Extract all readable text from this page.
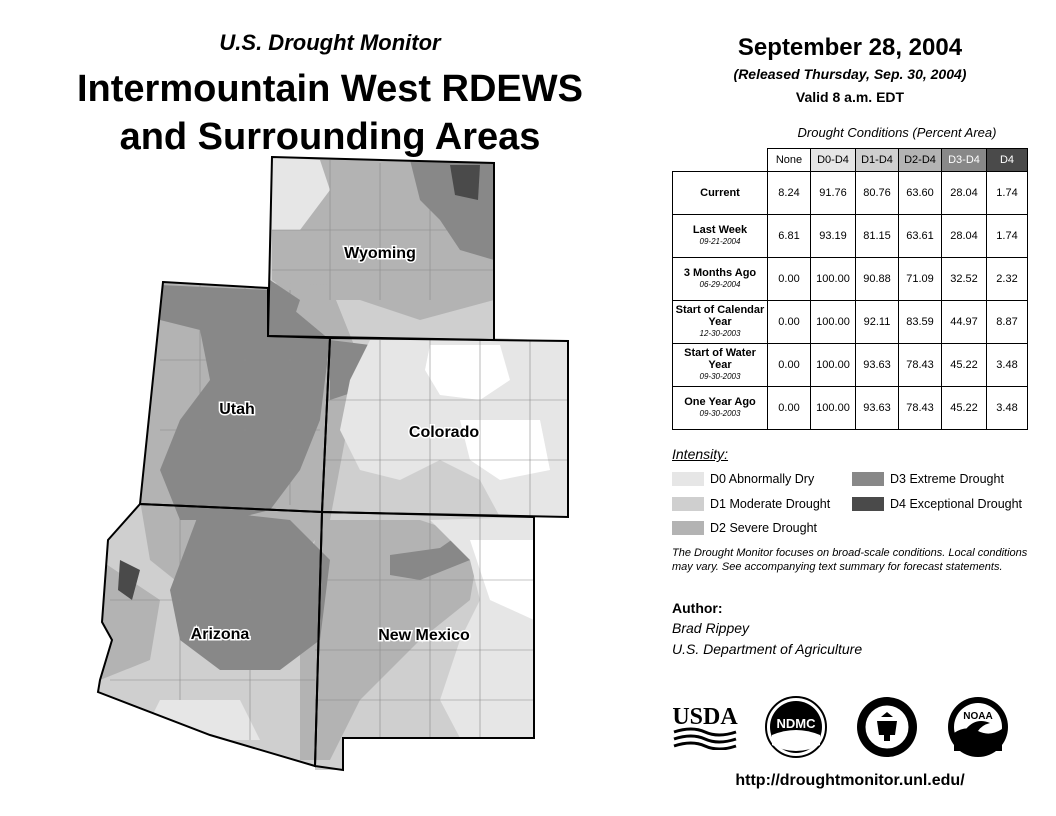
U.S. Drought Monitor
Intermountain West RDEWS
and Surrounding Areas
Wyoming
Utah
Colorado
Arizona	New Mexico
September 28, 2004
(Released Thursday, Sep. 30, 2004)
Valid 8 a.m. EDT
Drought Conditions (Percent Area)
	None	D0-D4	D1-D4	D2-D4	D3-D4	D4
Current	8.24	91.76	80.76	63.60	28.04	1.74
Last Week
09-21-2004	6.81	93.19	81.15	63.61	28.04	1.74
3 Months Ago
06-29-2004	0.00	100.00	90.88	71.09	32.52	2.32
Start of Calendar Year
12-30-2003	0.00	100.00	92.11	83.59	44.97	8.87
Start of Water Year
09-30-2003	0.00	100.00	93.63	78.43	45.22	3.48
One Year Ago
09-30-2003	0.00	100.00	93.63	78.43	45.22	3.48
Intensity:
D0 Abnormally Dry
D1 Moderate Drought
D2 Severe Drought
D3 Extreme Drought
D4 Exceptional Drought
The Drought Monitor focuses on broad-scale conditions. Local conditions may vary. See accompanying text summary for forecast statements.
Author:
Brad Rippey
U.S. Department of Agriculture
USDA	NDMC	NOAA
http://droughtmonitor.unl.edu/
